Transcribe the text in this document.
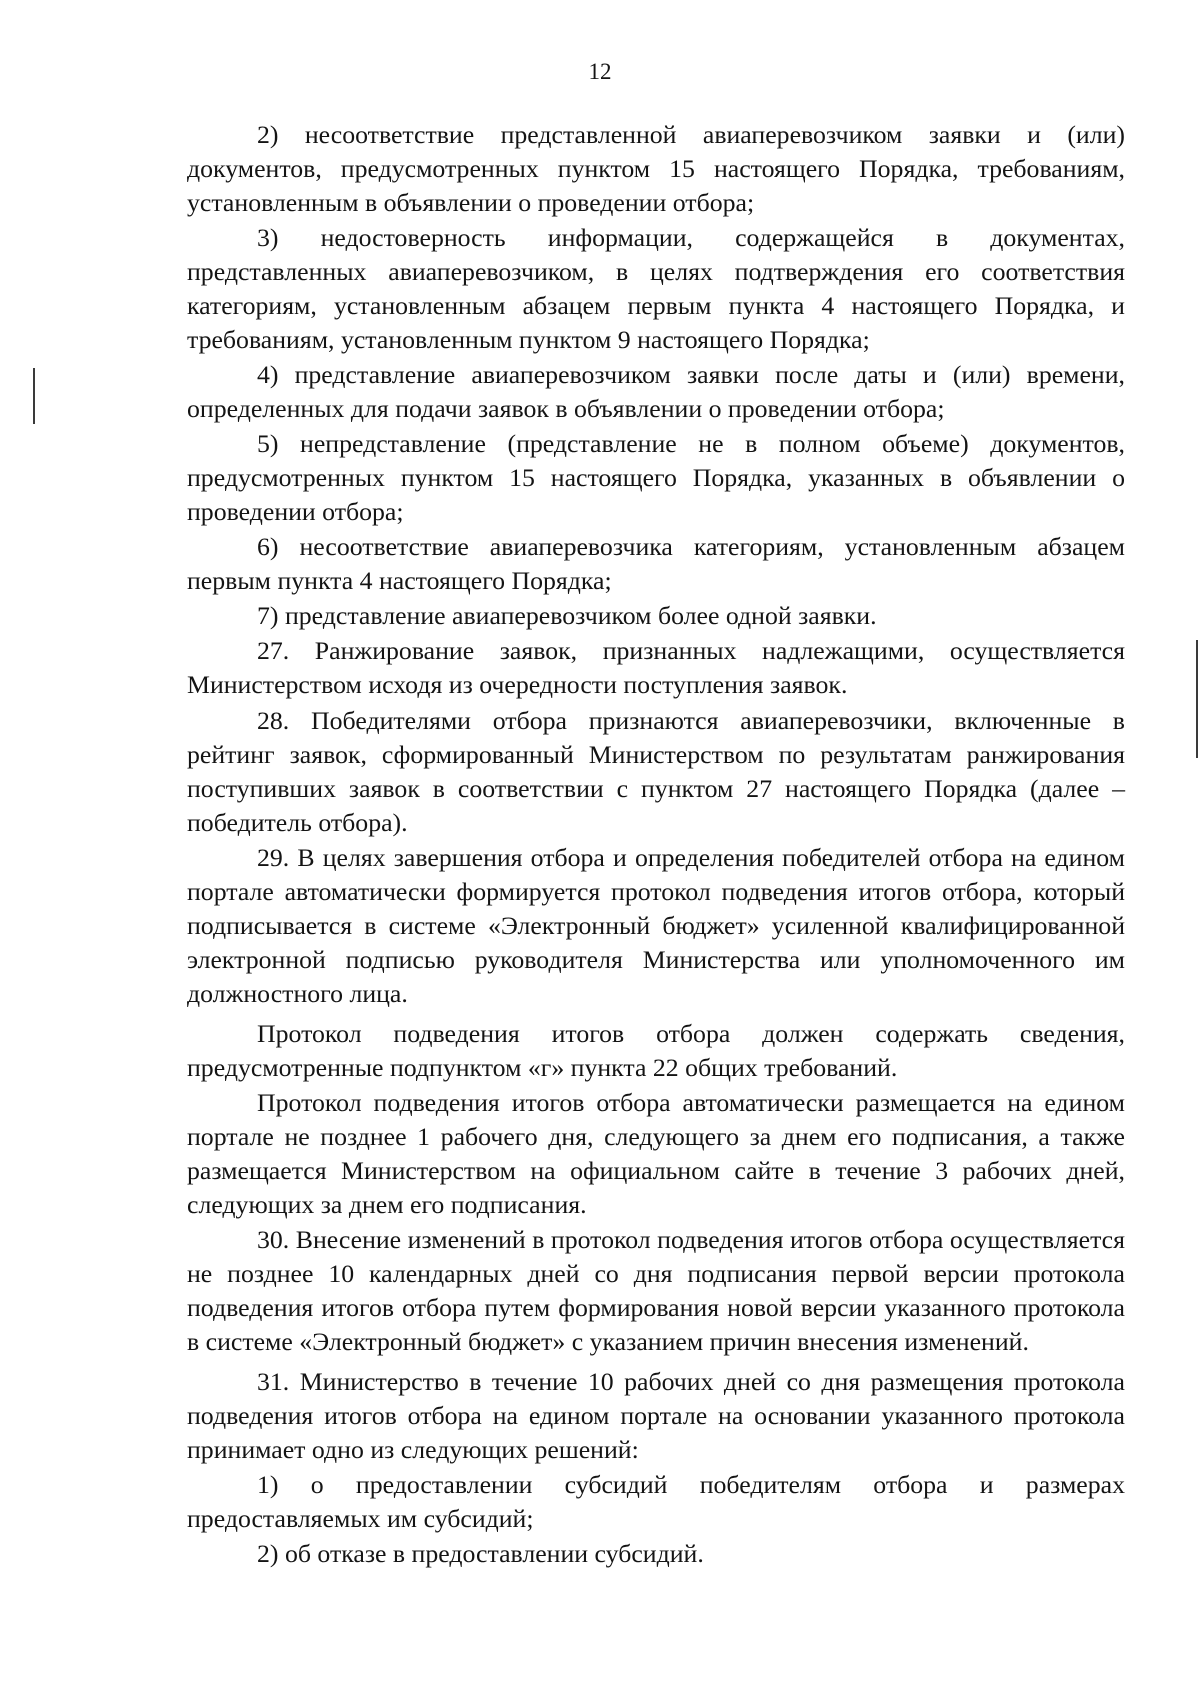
12

2) несоответствие представленной авиаперевозчиком заявки и (или) документов, предусмотренных пунктом 15 настоящего Порядка, требованиям, установленным в объявлении о проведении отбора;

3) недостоверность информации, содержащейся в документах, представленных авиаперевозчиком, в целях подтверждения его соответствия категориям, установленным абзацем первым пункта 4 настоящего Порядка, и требованиям, установленным пунктом 9 настоящего Порядка;

4) представление авиаперевозчиком заявки после даты и (или) времени, определенных для подачи заявок в объявлении о проведении отбора;

5) непредставление (представление не в полном объеме) документов, предусмотренных пунктом 15 настоящего Порядка, указанных в объявлении о проведении отбора;

6) несоответствие авиаперевозчика категориям, установленным абзацем первым пункта 4 настоящего Порядка;

7) представление авиаперевозчиком более одной заявки.

27. Ранжирование заявок, признанных надлежащими, осуществляется Министерством исходя из очередности поступления заявок.

28. Победителями отбора признаются авиаперевозчики, включенные в рейтинг заявок, сформированный Министерством по результатам ранжирования поступивших заявок в соответствии с пунктом 27 настоящего Порядка (далее – победитель отбора).

29. В целях завершения отбора и определения победителей отбора на едином портале автоматически формируется протокол подведения итогов отбора, который подписывается в системе «Электронный бюджет» усиленной квалифицированной электронной подписью руководителя Министерства или уполномоченного им должностного лица.

Протокол подведения итогов отбора должен содержать сведения, предусмотренные подпунктом «г» пункта 22 общих требований.

Протокол подведения итогов отбора автоматически размещается на едином портале не позднее 1 рабочего дня, следующего за днем его подписания, а также размещается Министерством на официальном сайте в течение 3 рабочих дней, следующих за днем его подписания.

30. Внесение изменений в протокол подведения итогов отбора осуществляется не позднее 10 календарных дней со дня подписания первой версии протокола подведения итогов отбора путем формирования новой версии указанного протокола в системе «Электронный бюджет» с указанием причин внесения изменений.

31. Министерство в течение 10 рабочих дней со дня размещения протокола подведения итогов отбора на едином портале на основании указанного протокола принимает одно из следующих решений:

1) о предоставлении субсидий победителям отбора и размерах предоставляемых им субсидий;

2) об отказе в предоставлении субсидий.
